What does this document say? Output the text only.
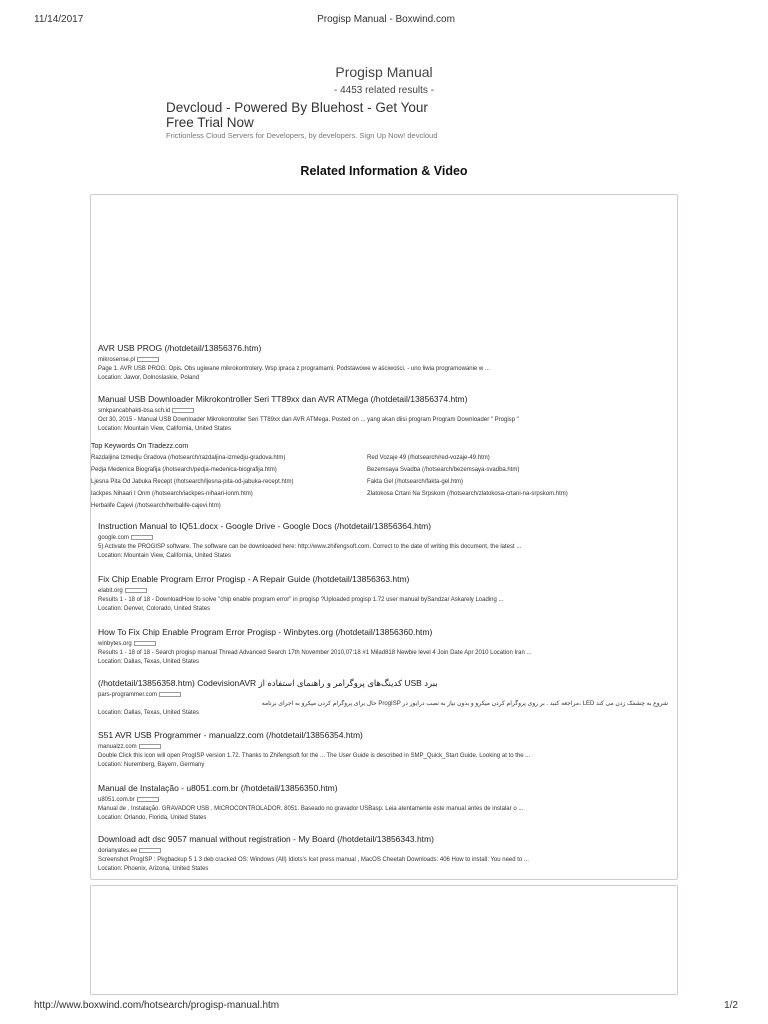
11/14/2017	Progisp Manual - Boxwind.com
Progisp Manual
- 4453 related results -
Devcloud - Powered By Bluehost - Get Your
Free Trial Now
Frictionless Cloud Servers for Developers, by developers. Sign Up Now! devcloud
Related Information & Video
AVR USB PROG (/hotdetail/13856376.htm)
mikrosense.pl
Page 1. AVR USB PROG. Opis. Obs ugiwane mikrokontrolery. Wsp ipraca z programami. Podstawowe w aściwości. - uno liwia programowanie w ...
Location: Jawor, Dolnoslaskie, Poland
Manual USB Downloader Mikrokontroller Seri TT89xx dan AVR ATMega (/hotdetail/13856374.htm)
smkpancabhakti-bsa.sch.id
Oct 30, 2015 - Manual USB Downloader Mikrokontroller Seri TT89xx dan AVR ATMega. Posted on ... yang akan diisi program Program Downloader " Progisp "
Location: Mountain View, California, United States
Top Keywords On Tradezz.com
Razdaljina Izmedju Gradova (/hotsearch/razdaljina-izmedju-gradova.htm)
Pedja Medenica Biografija (/hotsearch/pedja-medenica-biografija.htm)
Ljesna Pita Od Jabuka Recept (/hotsearch/ljesna-pita-od-jabuka-recept.htm)
Iackpes Nihaari I Onm (/hotsearch/iackpes-nihaari-ionm.htm)
Herbalife Cajevi (/hotsearch/herbalife-cajevi.htm)
Red Vozaje 49 (/hotsearch/red-vozaje-49.htm)
Bezemsaya Svadba (/hotsearch/bezemsaya-svadba.htm)
Fakta Gel (/hotsearch/fakta-gel.htm)
Zlatokosa Crtani Na Srpskom (/hotsearch/zlatokosa-crtani-na-srpskom.htm)
Instruction Manual to IQ51.docx - Google Drive - Google Docs (/hotdetail/13856364.htm)
google.com
5) Activate the PROGISP software. The software can be downloaded here: http://www.zhifengsoft.com. Correct to the date of writing this document, the latest ...
Location: Mountain View, California, United States
Fix Chip Enable Program Error Progisp - A Repair Guide (/hotdetail/13856363.htm)
elabit.org
Results 1 - 18 of 18 - DownloadHow to solve "chip enable program error" in progisp ?Uploaded progisp 1.72 user manual bySandzar Askarely Loading ...
Location: Denver, Colorado, United States
How To Fix Chip Enable Program Error Progisp - Winbytes.org (/hotdetail/13856360.htm)
winbytes.org
Results 1 - 18 of 18 - Search progisp manual Thread Advanced Search 17th November 2010,07:18 #1 Milad818 Newbie level 4 Join Date Apr 2010 Location Iran ...
Location: Dallas, Texas, United States
(/hotdetail/13856358.htm) CodevisionAVR کدینگ‌های پروگرامر و راهنمای استفاده از USB ببرد
pars-programmer.com
شروع به چشمک زدن می کند LED ،مراجعه کنید . بر روی پروگرام کردن میکرو و بدون نیاز به نصب درایور در ProgISP حال برای پروگرام کردن میکرو به اجرای برنامه
Location: Dallas, Texas, United States
S51 AVR USB Programmer - manualzz.com (/hotdetail/13856354.htm)
manualzz.com
Double Click this icon will open ProgISP version 1.72. Thanks to Zhifengsoft for the ... The User Guide is described in SMP_Quick_Start Guide. Looking at to the ...
Location: Nuremberg, Bayern, Germany
Manual de Instalação - u8051.com.br (/hotdetail/13856350.htm)
u8051.com.br
Manual de . Instalação. GRAVADOR USB . MICROCONTROLADOR. 8051. Baseado no gravador USBasp. Leia atentamente este manual antes de instalar o ...
Location: Orlando, Florida, United States
Download adt dsc 9057 manual without registration - My Board (/hotdetail/13856343.htm)
dorianyates.ee
Screenshot ProgISP : Pkgbackup 5 1 3 deb cracked OS: Windows (All) Idiots's Icet press manual , MacOS Cheetah Downloads: 406 How to install: You need to ...
Location: Phoenix, Arizona, United States
http://www.boxwind.com/hotsearch/progisp-manual.htm	1/2
